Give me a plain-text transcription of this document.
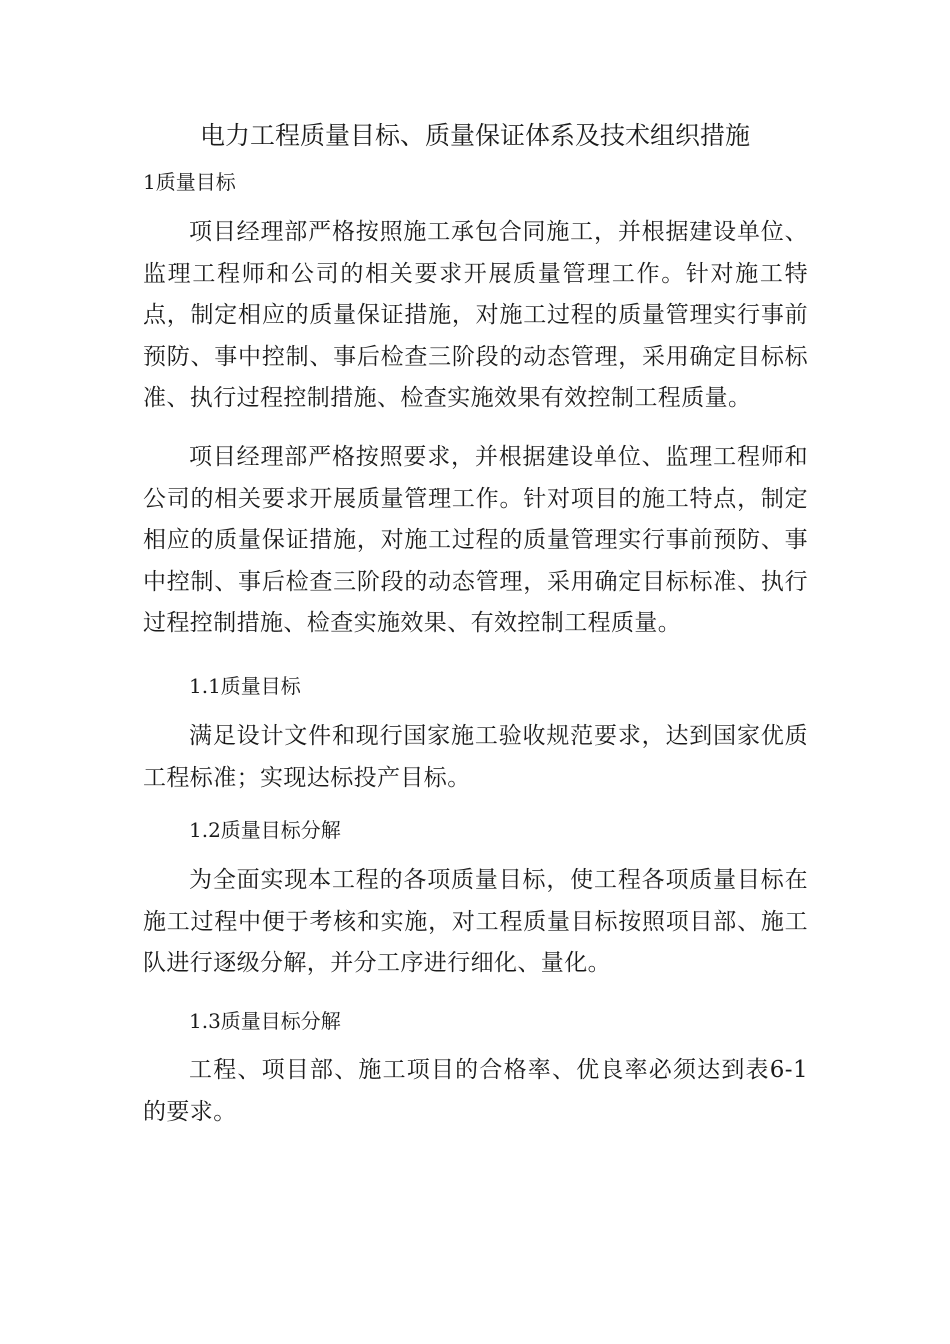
电力工程质量目标、质量保证体系及技术组织措施
1质量目标

项目经理部严格按照施工承包合同施工，并根据建设单位、监理工程师和公司的相关要求开展质量管理工作。针对施工特点，制定相应的质量保证措施，对施工过程的质量管理实行事前预防、事中控制、事后检查三阶段的动态管理，采用确定目标标准、执行过程控制措施、检查实施效果有效控制工程质量。

项目经理部严格按照要求，并根据建设单位、监理工程师和公司的相关要求开展质量管理工作。针对项目的施工特点，制定相应的质量保证措施，对施工过程的质量管理实行事前预防、事中控制、事后检查三阶段的动态管理，采用确定目标标准、执行过程控制措施、检查实施效果、有效控制工程质量。

1.1质量目标

满足设计文件和现行国家施工验收规范要求，达到国家优质工程标准；实现达标投产目标。

1.2质量目标分解

为全面实现本工程的各项质量目标，使工程各项质量目标在施工过程中便于考核和实施，对工程质量目标按照项目部、施工队进行逐级分解，并分工序进行细化、量化。

1.3质量目标分解

工程、项目部、施工项目的合格率、优良率必须达到表6-1的要求。
